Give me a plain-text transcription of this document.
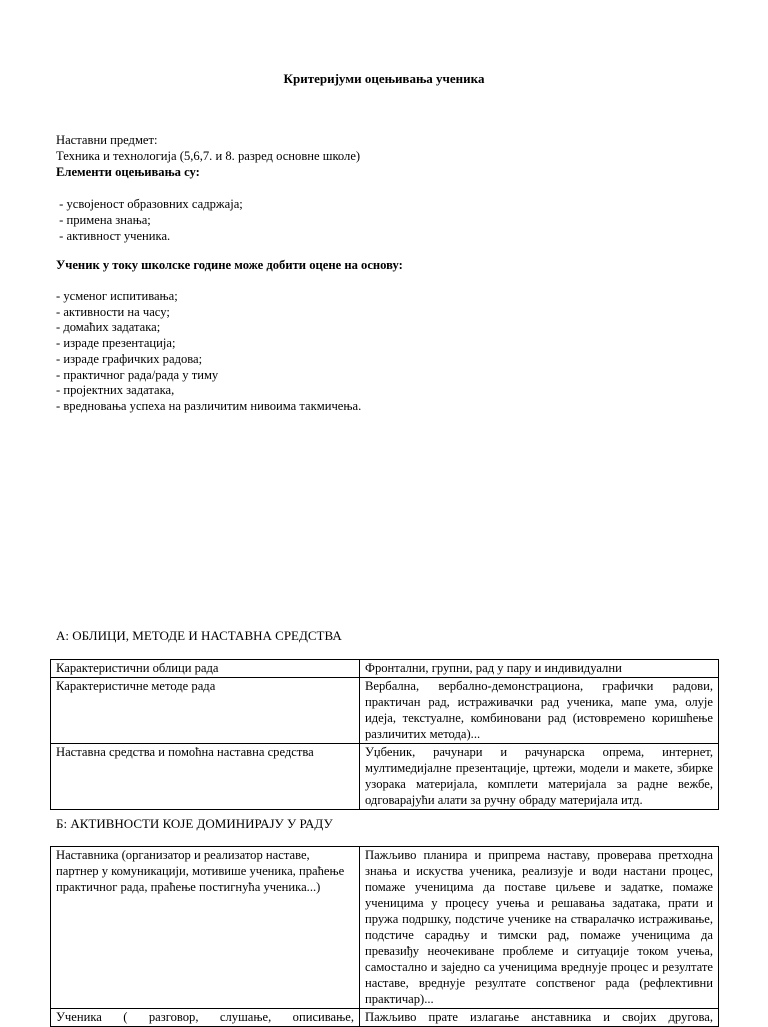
Критеријуми оцењивања ученика
Наставни предмет:
Техника и технологија (5,6,7. и 8. разред основне школе)
Елементи оцењивања су:
- усвојеност образовних садржаја;
- примена знања;
- активност ученика.
Ученик у току школске године може добити оцене на основу:
- усменог испитивања;
- активности на часу;
- домаћих задатака;
- израде презентација;
- израде графичких радова;
- практичног рада/рада у тиму
- пројектних задатака,
- вредновања успеха на различитим нивоима такмичења.
А: ОБЛИЦИ, МЕТОДЕ И НАСТАВНА СРЕДСТВА
Карактеристични облици рада	Фронтални, групни, рад у пару и индивидуални
Карактеристичне методе рада	Вербална, вербално-демонстрациона, графички радови, практичан рад, истраживачки рад ученика, мапе ума, олује идеја, текстуалне, комбиновани рад (истовремено коришћење различитих метода)...
Наставна средства и помоћна наставна средства	Уџбеник, рачунари и рачунарска опрема, интернет, мултимедијалне презентације, цртежи, модели и макете, збирке узорака материјала, комплети материјала за радне вежбе, одговарајући алати за ручну обраду материјала итд.
Б: АКТИВНОСТИ КОЈЕ ДОМИНИРАЈУ У РАДУ
Наставника (организатор и реализатор наставе, партнер у комуникацији, мотивише ученика, праћење
практичног рада, праћење постигнућа ученика...)	Пажљиво планира и припрема наставу, проверава претходна знања и искуства ученика, реализује и води настани процес, помаже ученицима да поставе циљеве и задатке, помаже ученицима у процесу учења и решавања задатака, прати и пружа подршку, подстиче ученике на стваралачко истраживање, подстиче сарадњу и тимски рад, помаже ученицима да превазиђу неочекиване проблеме и ситуације током учења, самостално и заједно са ученицима вреднује процес и резултате наставе, вреднује резултате сопственог рада (рефлективни практичар)...
Ученика ( разговор, слушање, описивање,	Пажљиво прате излагање анставника и својих другова,
